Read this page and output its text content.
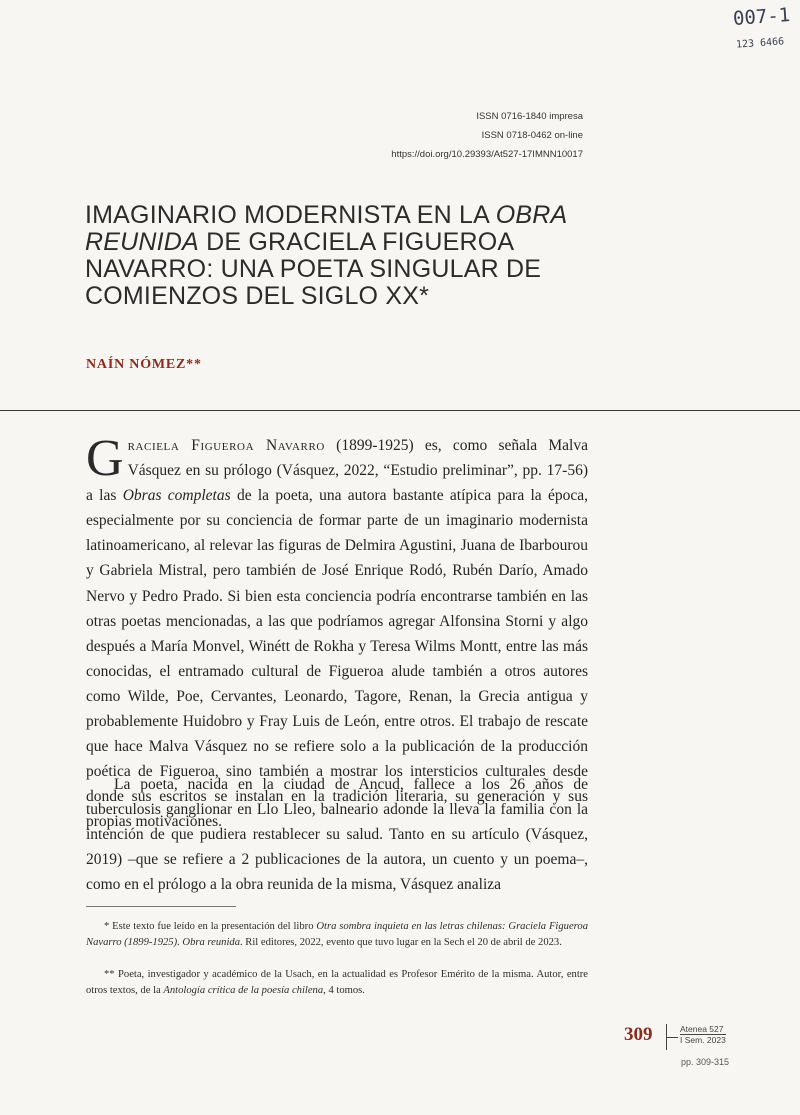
007-1
123 6466
ISSN 0716-1840 impresa
ISSN 0718-0462 on-line
https://doi.org/10.29393/At527-17IMNN10017
IMAGINARIO MODERNISTA EN LA OBRA
REUNIDA DE GRACIELA FIGUEROA NAVARRO: UNA POETA SINGULAR DE COMIENZOS DEL SIGLO XX*
NAÍN NÓMEZ**

Graciela Figueroa Navarro (1899-1925) es, como señala Malva Vásquez en su prólogo (Vásquez, 2022, “Estudio preliminar”, pp. 17-56) a las Obras completas de la poeta, una autora bastante atípica para la época, especialmente por su conciencia de formar parte de un imaginario modernista latinoamericano, al relevar las figuras de Delmira Agustini, Juana de Ibarbourou y Gabriela Mistral, pero también de José Enrique Rodó, Rubén Darío, Amado Nervo y Pedro Prado. Si bien esta conciencia podría encontrarse también en las otras poetas mencionadas, a las que podríamos agregar Alfonsina Storni y algo después a María Monvel, Winétt de Rokha y Teresa Wilms Montt, entre las más conocidas, el entramado cultural de Figueroa alude también a otros autores como Wilde, Poe, Cervantes, Leonardo, Tagore, Renan, la Grecia antigua y probablemente Huidobro y Fray Luis de León, entre otros. El trabajo de rescate que hace Malva Vásquez no se refiere solo a la publicación de la producción poética de Figueroa, sino también a mostrar los intersticios culturales desde donde sus escritos se instalan en la tradición literaria, su generación y sus propias motivaciones.

La poeta, nacida en la ciudad de Ancud, fallece a los 26 años de tuberculosis ganglionar en Llo Lleo, balneario adonde la lleva la familia con la intención de que pudiera restablecer su salud. Tanto en su artículo (Vásquez, 2019) –que se refiere a 2 publicaciones de la autora, un cuento y un poema–, como en el prólogo a la obra reunida de la misma, Vásquez analiza

* Este texto fue leído en la presentación del libro Otra sombra inquieta en las letras chilenas: Graciela Figueroa Navarro (1899-1925). Obra reunida. Ril editores, 2022, evento que tuvo lugar en la Sech el 20 de abril de 2023.

** Poeta, investigador y académico de la Usach, en la actualidad es Profesor Emérito de la misma. Autor, entre otros textos, de la Antología crítica de la poesía chilena, 4 tomos.

309	Atenea 527
I Sem. 2023
pp. 309-315
